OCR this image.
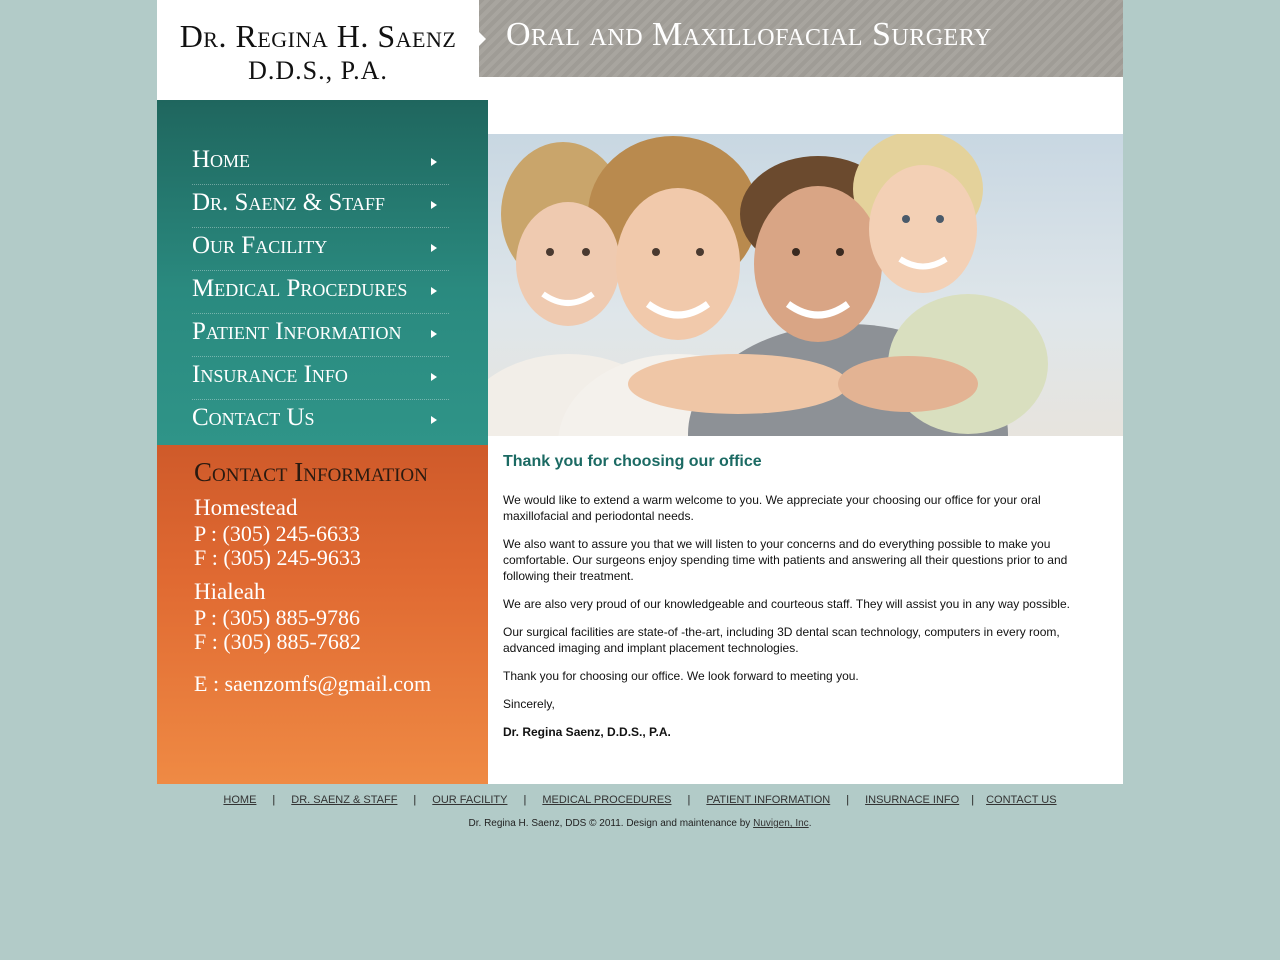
Dr. Regina H. Saenz
D.D.S., P.A.
Oral and Maxillofacial Surgery
Home
Dr. Saenz & Staff
Our Facility
Medical Procedures
Patient Information
Insurance Info
Contact Us
Contact Information
Homestead
P : (305) 245-6633
F : (305) 245-9633
Hialeah
P : (305) 885-9786
F : (305) 885-7682
E : saenzomfs@gmail.com
Thank you for choosing our office

We would like to extend a warm welcome to you. We appreciate your choosing our office for your oral maxillofacial and periodontal needs.

We also want to assure you that we will listen to your concerns and do everything possible to make you comfortable. Our surgeons enjoy spending time with patients and answering all their questions prior to and following their treatment.

We are also very proud of our knowledgeable and courteous staff. They will assist you in any way possible.

Our surgical facilities are state-of -the-art, including 3D dental scan technology, computers in every room, advanced imaging and implant placement technologies.

Thank you for choosing our office. We look forward to meeting you.

Sincerely,

Dr. Regina Saenz, D.D.S., P.A.

HOME | DR. SAENZ & STAFF | OUR FACILITY | MEDICAL PROCEDURES | PATIENT INFORMATION | INSURNACE INFO | CONTACT US
Dr. Regina H. Saenz, DDS © 2011. Design and maintenance by Nuvigen, Inc.
